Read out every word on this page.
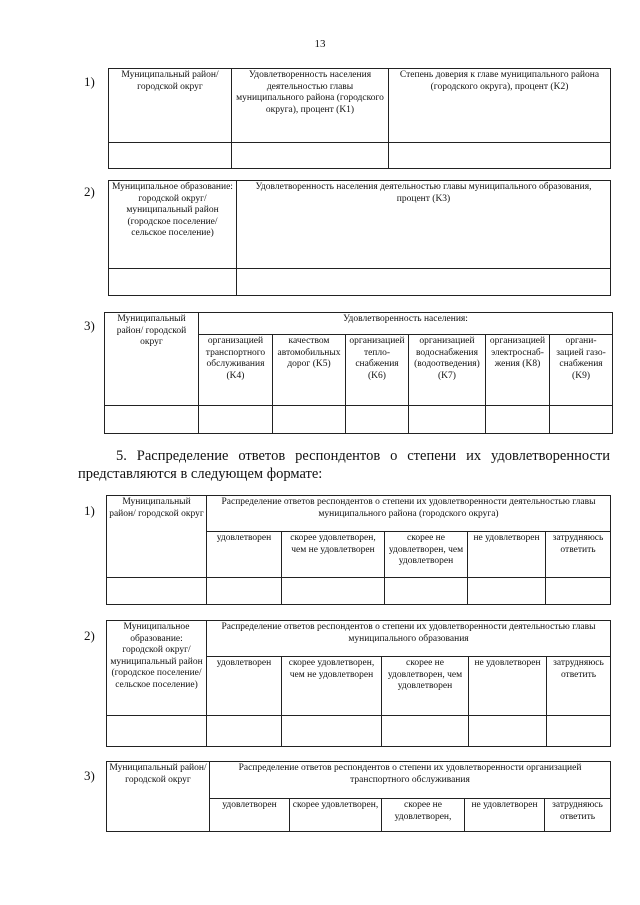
13
1)	Муниципальный район/ городской округ	Удовлетворенность населения деятельностью главы муниципального района (городского округа), процент (K1)	Степень доверия к главе муниципального района (городского округа), процент (K2)

2) Муниципальное образование: городской округ/муниципальный район (городское поселение/сельское поселение)	Удовлетворенность населения деятельностью главы муниципального образования, процент (K3)

3) Муниципальный район/ городской округ	Удовлетворенность населения:					
	организацией транспортного обслуживания (K4)	качеством автомобильных дорог (K5)	организацией тепло-снабжения (K6)	организацией водоснабжения (водоотведения) (K7)	организацией электроснаб-жения (K8)	органи-зацией газо-снабжения (K9)

5. Распределение ответов респондентов о степени их удовлетворенности
представляются в следующем формате:
1)
Муниципальный район/ городской округ	Распределение ответов респондентов о степени их удовлетворенности деятельностью главы муниципального района (городского округа)				
	удовлетворен	скорее удовлетворен, чем не удовлетворен	скорее не удовлетворен, чем удовлетворен	не удовлетворен	затрудняюсь ответить

2)
Муниципальное образование: городской округ/ муниципальный район (городское поселение/сельское поселение)	Распределение ответов респондентов о степени их удовлетворенности деятельностью главы муниципального образования				
	удовлетворен	скорее удовлетворен, чем не удовлетворен	скорее не удовлетворен, чем удовлетворен	не удовлетворен	затрудняюсь ответить

3) Муниципальный район/ городской округ	Распределение ответов респондентов о степени их удовлетворенности организацией транспортного обслуживания				
	удовлетворен	скорее удовлетворен,	скорее не удовлетворен,	не удовлетворен	затрудняюсь ответить
